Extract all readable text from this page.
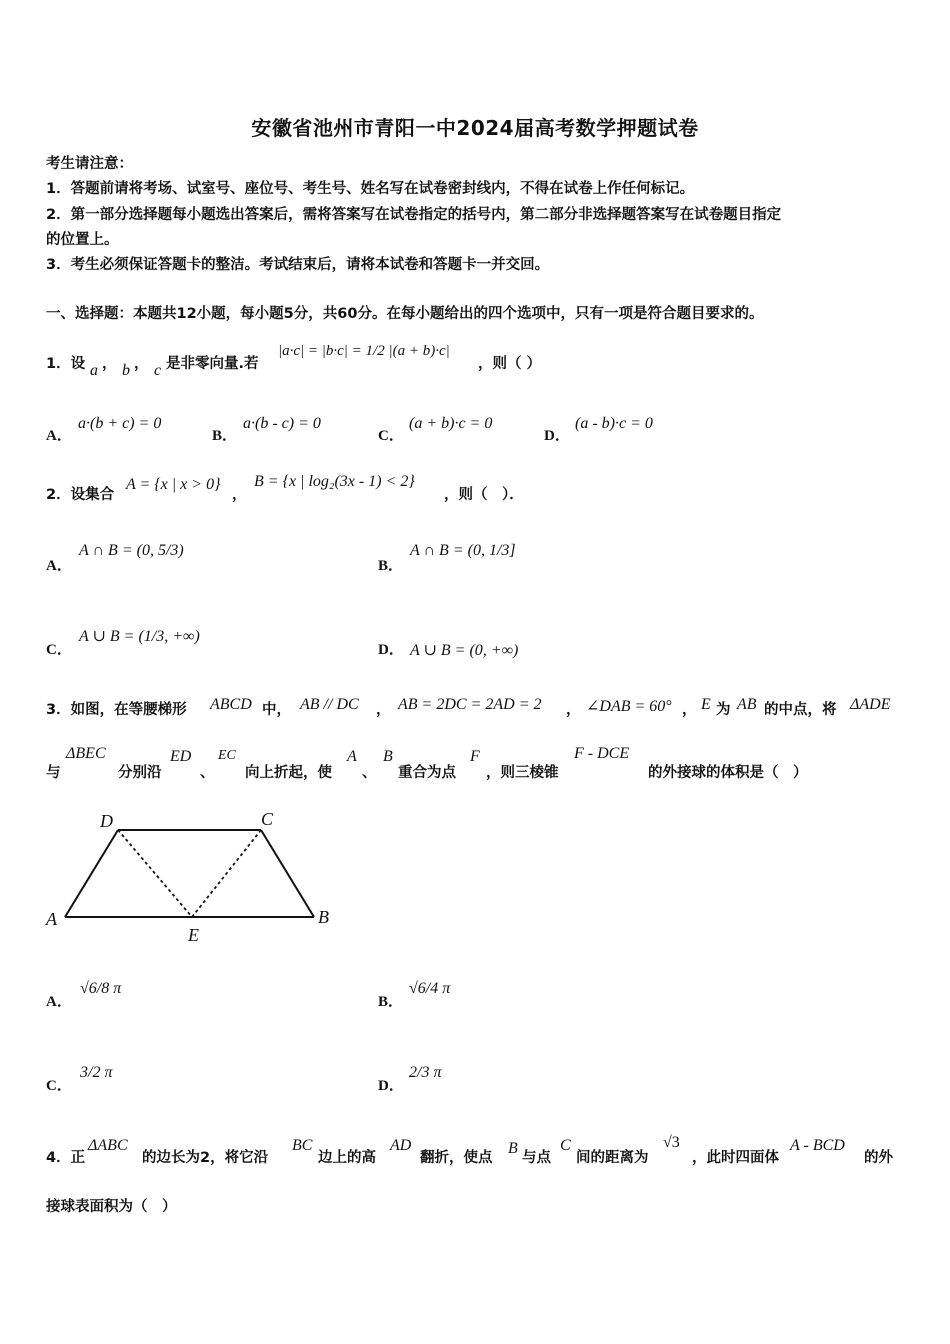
安徽省池州市青阳一中2024届高考数学押题试卷
考生请注意：
1．答题前请将考场、试室号、座位号、考生号、姓名写在试卷密封线内，不得在试卷上作任何标记。
2．第一部分选择题每小题选出答案后，需将答案写在试卷指定的括号内，第二部分非选择题答案写在试卷题目指定
的位置上。
3．考生必须保证答题卡的整洁。考试结束后，请将本试卷和答题卡一并交回。
一、选择题：本题共12小题，每小题5分，共60分。在每小题给出的四个选项中，只有一项是符合题目要求的。
1．设 a ， b ， c 是非零向量.若
|a·c| = |b·c| = 1/2 |(a + b)·c|
，则（ ）
A．
a·(b + c) = 0
B．
a·(b - c) = 0
C．
(a + b)·c = 0
D．
(a - b)·c = 0
2．设集合
A = {x | x > 0}
，
B = {x | log₂(3x - 1) < 2}
，则（　）．
A．
A ∩ B = (0, 5/3)
B．
A ∩ B = (0, 1/3]
C．
A ∪ B = (1/3, +∞)
D． A ∪ B = (0, +∞)
3．如图，在等腰梯形 ABCD 中， AB // DC ， AB = 2DC = 2AD = 2 ， ∠DAB = 60° ， E 为 AB 的中点，将 ΔADE
与
ΔBEC
分别沿
ED
、
EC
向上折起，使
A
、
B
重合为点
F
，则三棱锥
F - DCE
的外接球的体积是（　）
D	C
A
E
B
A．
√6/8 π
B．
√6/4 π
C．
3/2 π
D．
2/3 π
4．正
ΔABC
的边长为2，将它沿
BC
边上的高
AD
翻折，使点
B
与点
C
间的距离为
√3
，此时四面体
A - BCD
的外
接球表面积为（　）
